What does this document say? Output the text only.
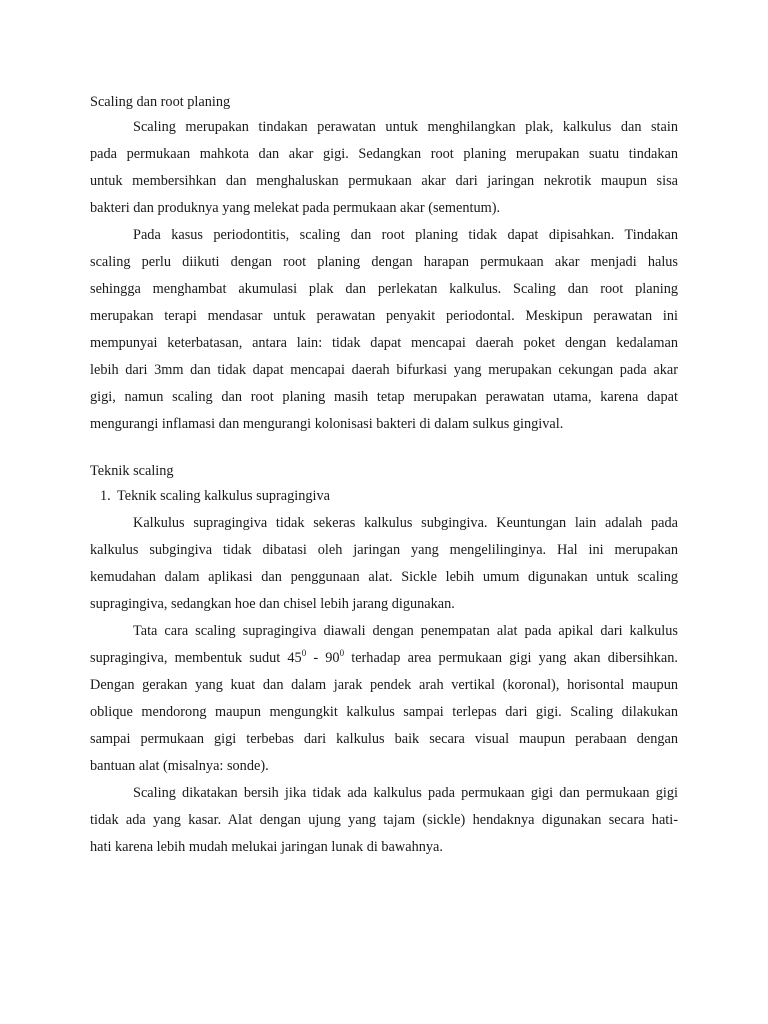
Scaling dan root planing
Scaling merupakan tindakan perawatan untuk menghilangkan plak, kalkulus dan stain
pada permukaan mahkota dan akar gigi. Sedangkan root planing merupakan suatu tindakan
untuk membersihkan dan menghaluskan permukaan akar dari jaringan nekrotik maupun sisa
bakteri dan produknya yang melekat pada permukaan akar (sementum).
Pada kasus periodontitis, scaling dan root planing tidak dapat dipisahkan. Tindakan
scaling perlu diikuti dengan root planing dengan harapan permukaan akar menjadi halus
sehingga menghambat akumulasi plak dan perlekatan kalkulus. Scaling dan root planing
merupakan terapi mendasar untuk perawatan penyakit periodontal. Meskipun perawatan ini
mempunyai keterbatasan, antara lain: tidak dapat mencapai daerah poket dengan kedalaman
lebih dari 3mm dan tidak dapat mencapai daerah bifurkasi yang merupakan cekungan pada akar
gigi, namun scaling dan root planing masih tetap merupakan perawatan utama, karena dapat
mengurangi inflamasi dan mengurangi kolonisasi bakteri di dalam sulkus gingival.
Teknik scaling
1. Teknik scaling kalkulus supragingiva
Kalkulus supragingiva tidak sekeras kalkulus subgingiva. Keuntungan lain adalah pada
kalkulus subgingiva tidak dibatasi oleh jaringan yang mengelilinginya. Hal ini merupakan
kemudahan dalam aplikasi dan penggunaan alat. Sickle lebih umum digunakan untuk scaling
supragingiva, sedangkan hoe dan chisel lebih jarang digunakan.
Tata cara scaling supragingiva diawali dengan penempatan alat pada apikal dari kalkulus
supragingiva, membentuk sudut $45^0 - 90^0$ terhadap area permukaan gigi yang akan dibersihkan.
Dengan gerakan yang kuat dan dalam jarak pendek arah vertikal (koronal), horisontal maupun
oblique mendorong maupun mengungkit kalkulus sampai terlepas dari gigi. Scaling dilakukan
sampai permukaan gigi terbebas dari kalkulus baik secara visual maupun perabaan dengan
bantuan alat (misalnya: sonde).
Scaling dikatakan bersih jika tidak ada kalkulus pada permukaan gigi dan permukaan gigi
tidak ada yang kasar. Alat dengan ujung yang tajam (sickle) hendaknya digunakan secara hati-
hati karena lebih mudah melukai jaringan lunak di bawahnya.
